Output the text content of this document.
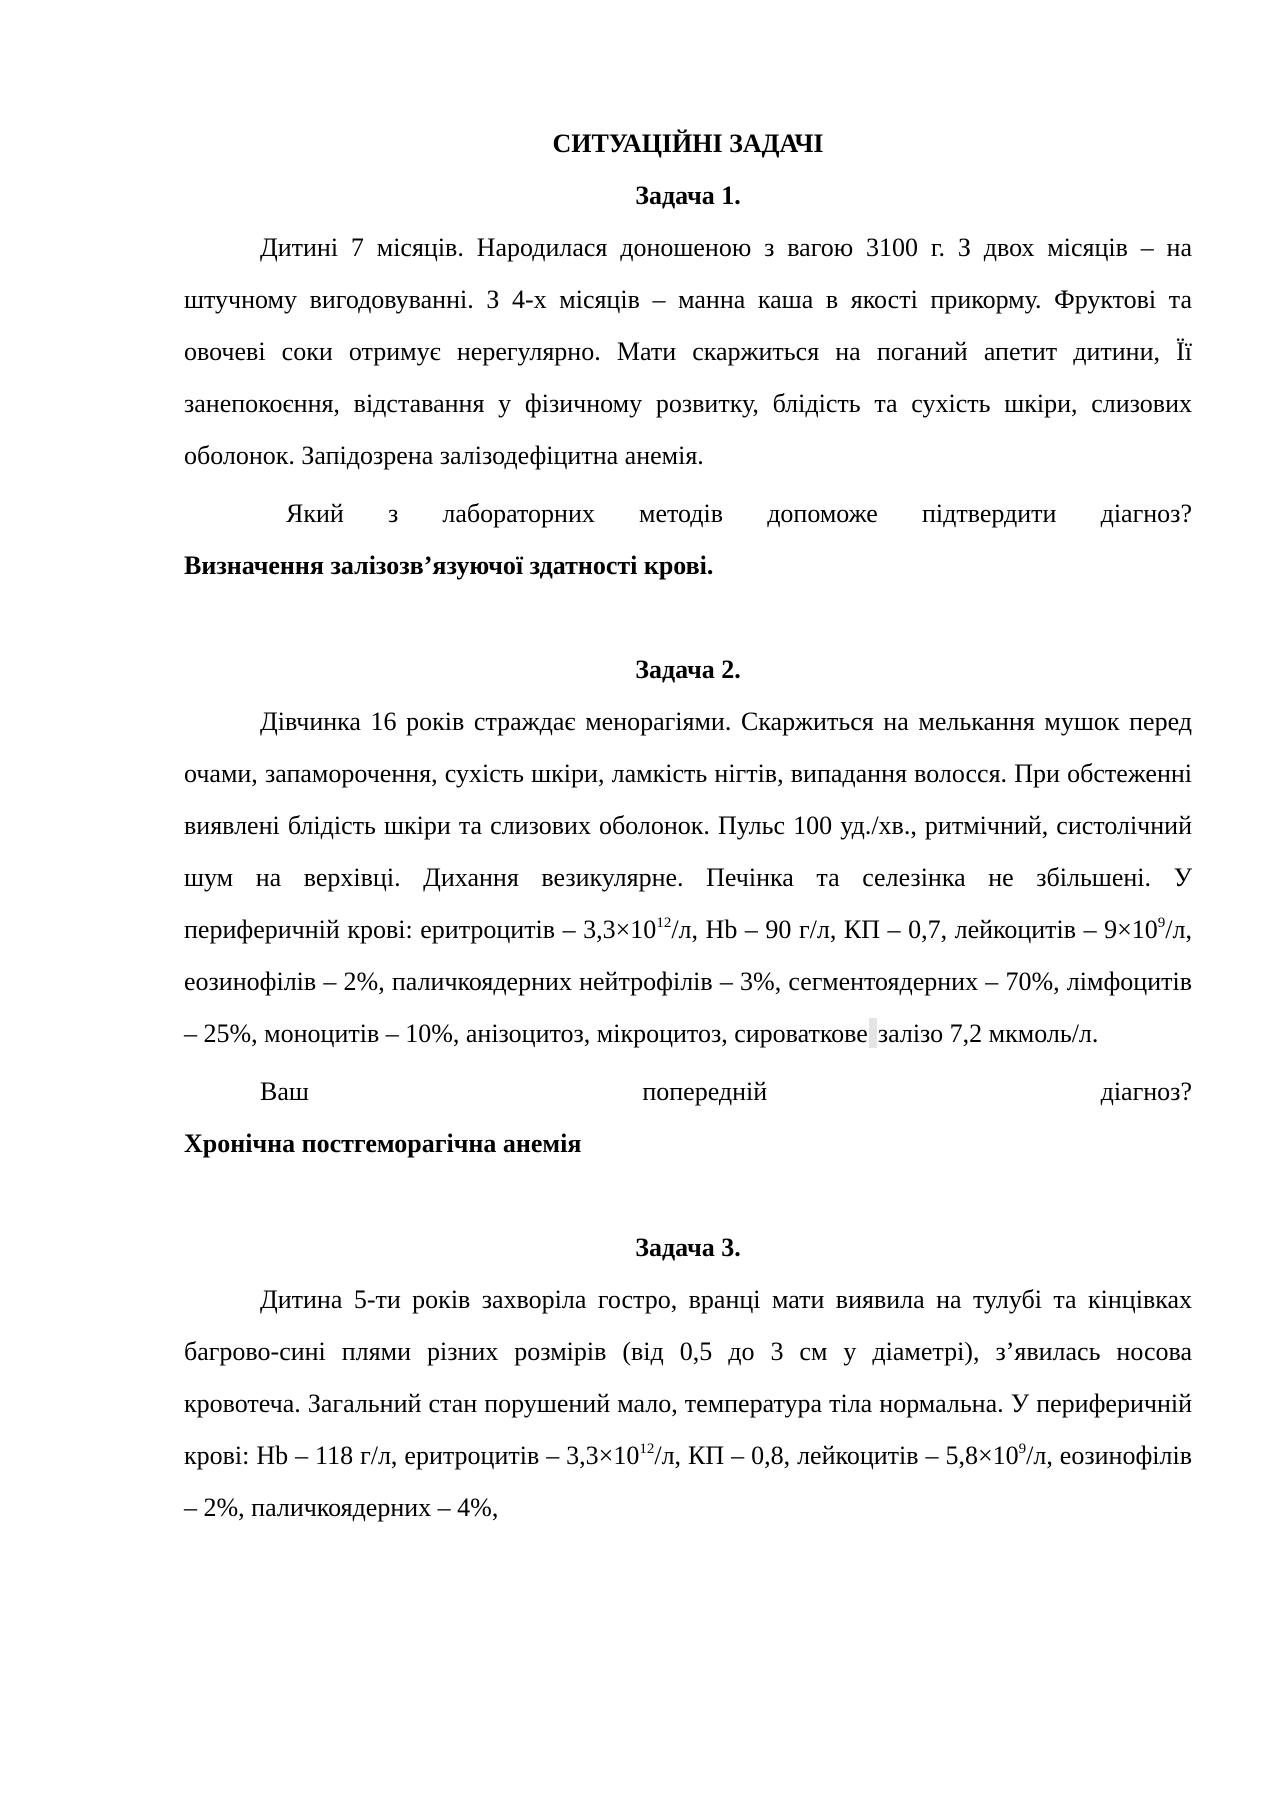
СИТУАЦІЙНІ ЗАДАЧІ

Задача 1.

Дитині 7 місяців. Народилася доношеною з вагою 3100 г. З двох місяців – на штучному вигодовуванні. З 4-х місяців – манна каша в якості прикорму. Фруктові та овочеві соки отримує нерегулярно. Мати скаржиться на поганий апетит дитини, Її занепокоєння, відставання у фізичному розвитку, блідість та сухість шкіри, слизових оболонок. Запідозрена залізодефіцитна анемія.

Який з лабораторних методів допоможе підтвердити діагноз?

Визначення залізозв’язуючої здатності крові.

Задача 2.

Дівчинка 16 років страждає менорагіями. Скаржиться на мелькання мушок перед очами, запаморочення, сухість шкіри, ламкість нігтів, випадання волосся. При обстеженні виявлені блідість шкіри та слизових оболонок. Пульс 100 уд./хв., ритмічний, систолічний шум на верхівці. Дихання везикулярне. Печінка та селезінка не збільшені. У периферичній крові: еритроцитів – $3,3\times 10^{12}/л$, Hb – 90 г/л, КП – 0,7, лейкоцитів – $9\times 10^9/л$, еозинофілів – 2%, паличкоядерних нейтрофілів – 3%, сегментоядерних – 70%, лімфоцитів – 25%, моноцитів – 10%, анізоцитоз, мікроцитоз, сироваткове залізо 7,2 мкмоль/л.

Ваш попередній діагноз?

Хронічна постгеморагічна анемія

Задача 3.

Дитина 5-ти років захворіла гостро, вранці мати виявила на тулубі та кінцівках багрово-сині плями різних розмірів (від 0,5 до 3 см у діаметрі), з’явилась носова кровотеча. Загальний стан порушений мало, температура тіла нормальна. У периферичній крові: Hb – 118 г/л, еритроцитів – $3,3\times 10^{12}/л$, КП – 0,8, лейкоцитів – $5,8\times 10^9/л$, еозинофілів – 2%, паличкоядерних – 4%,
